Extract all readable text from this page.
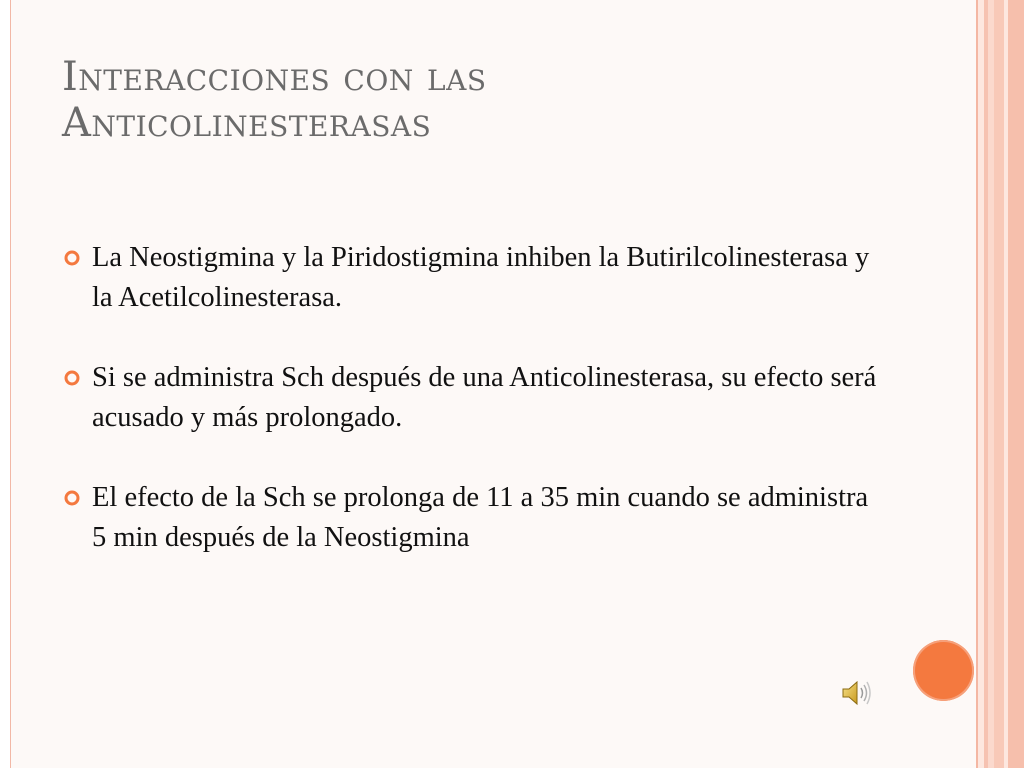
Interacciones con las
Anticolinesterasas
La Neostigmina y la Piridostigmina inhiben la Butirilcolinesterasa y la Acetilcolinesterasa.
Si se administra Sch después de una Anticolinesterasa, su efecto será acusado y más prolongado.
El efecto de la Sch se prolonga de 11 a 35 min cuando se administra 5 min después de la Neostigmina
